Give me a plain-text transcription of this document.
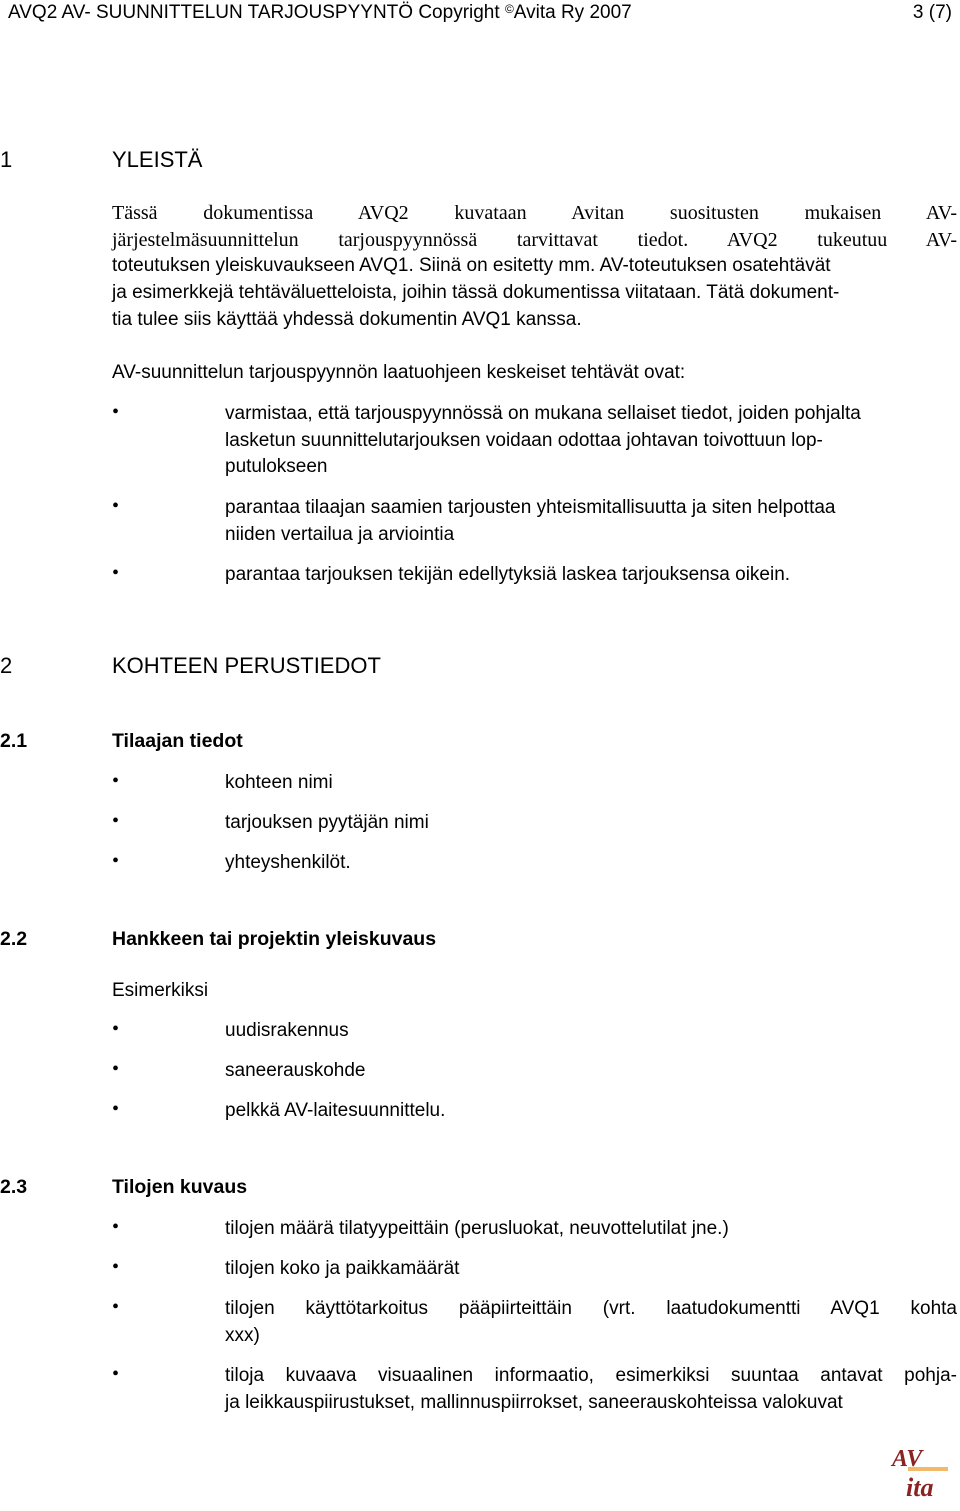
AVQ2 AV- SUUNNITTELUN TARJOUSPYYNTÖ Copyright ©Avita Ry 2007	3 (7)
1	YLEISTÄ
Tässä dokumentissa AVQ2 kuvataan Avitan suositusten mukaisen AV-
järjestelmäsuunnittelun tarjouspyynnössä tarvittavat tiedot. AVQ2 tukeutuu AV-
toteutuksen yleiskuvaukseen AVQ1. Siinä on esitetty mm. AV-toteutuksen osatehtävät
ja esimerkkejä tehtäväluetteloista, joihin tässä dokumentissa viitataan. Tätä dokument-
tia tulee siis käyttää yhdessä dokumentin AVQ1 kanssa.
AV-suunnittelun tarjouspyynnön laatuohjeen keskeiset tehtävät ovat:
•	varmistaa, että tarjouspyynnössä on mukana sellaiset tiedot, joiden pohjalta
lasketun suunnittelutarjouksen voidaan odottaa johtavan toivottuun lop-
putulokseen
•	parantaa tilaajan saamien tarjousten yhteismitallisuutta ja siten helpottaa
niiden vertailua ja arviointia
•	parantaa tarjouksen tekijän edellytyksiä laskea tarjouksensa oikein.
2	KOHTEEN PERUSTIEDOT
2.1	Tilaajan tiedot
•	kohteen nimi
•	tarjouksen pyytäjän nimi
•	yhteyshenkilöt.
2.2	Hankkeen tai projektin yleiskuvaus
Esimerkiksi
•	uudisrakennus
•	saneerauskohde
•	pelkkä AV-laitesuunnittelu.
2.3	Tilojen kuvaus
•	tilojen määrä tilatyypeittäin (perusluokat, neuvottelutilat jne.)
•	tilojen koko ja paikkamäärät
•	tilojen käyttötarkoitus pääpiirteittäin (vrt. laatudokumentti AVQ1 kohta
xxx)
•	tiloja kuvaava visuaalinen informaatio, esimerkiksi suuntaa antavat pohja-
ja leikkauspiirustukset, mallinnuspiirrokset, saneerauskohteissa valokuvat
AV
ita
